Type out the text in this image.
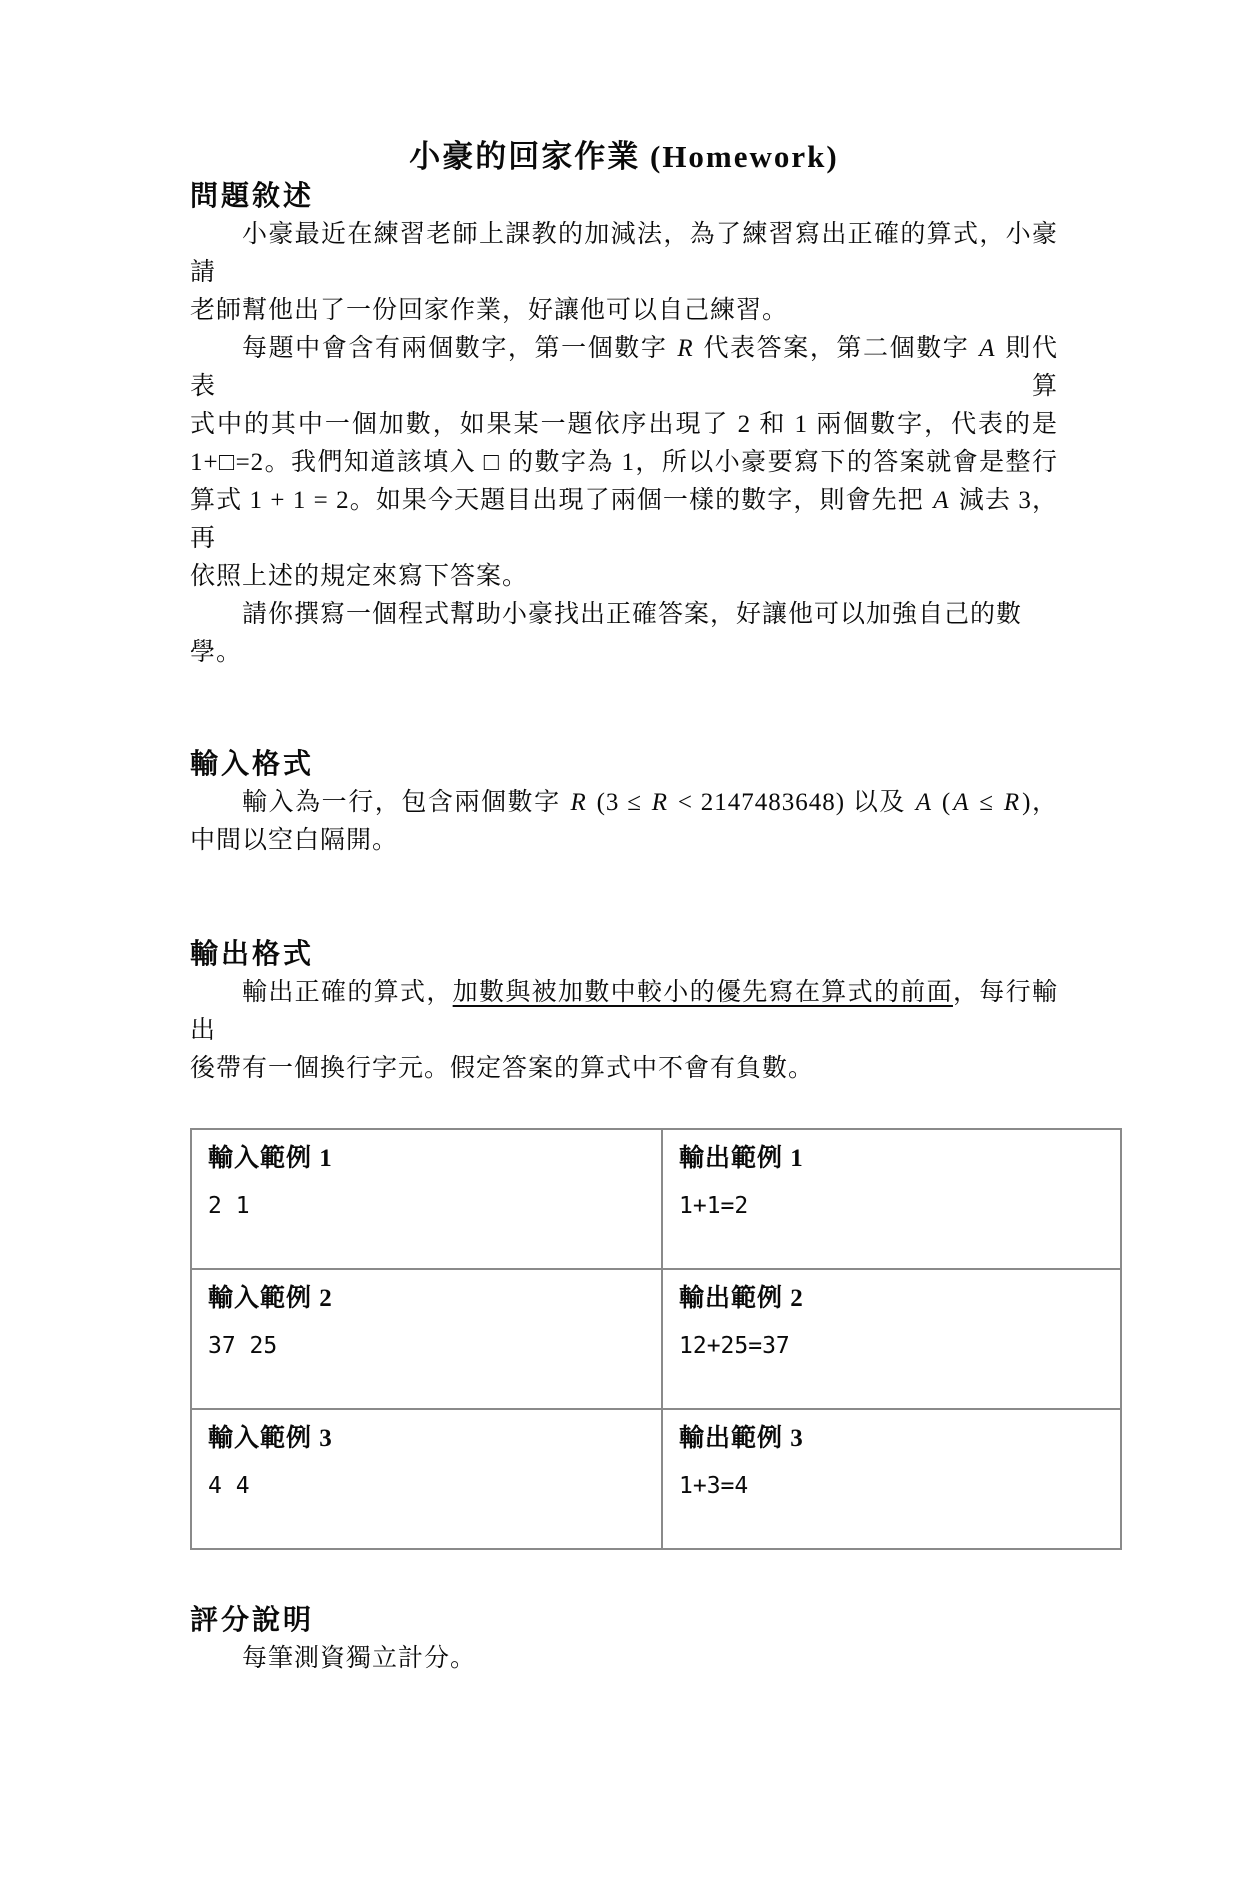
小豪的回家作業 (Homework)
問題敘述
小豪最近在練習老師上課教的加減法，為了練習寫出正確的算式，小豪請
老師幫他出了一份回家作業，好讓他可以自己練習。
每題中會含有兩個數字，第一個數字 R 代表答案，第二個數字 A 則代表算
式中的其中一個加數，如果某一題依序出現了 2 和 1 兩個數字，代表的是
1+□=2。我們知道該填入 □ 的數字為 1，所以小豪要寫下的答案就會是整行
算式 1 + 1 = 2。如果今天題目出現了兩個一樣的數字，則會先把 A 減去 3，再
依照上述的規定來寫下答案。
請你撰寫一個程式幫助小豪找出正確答案，好讓他可以加強自己的數學。
輸入格式
輸入為一行，包含兩個數字 R (3 ≤ R < 2147483648) 以及 A (A ≤ R)，
中間以空白隔開。
輸出格式
輸出正確的算式，加數與被加數中較小的優先寫在算式的前面，每行輸出
後帶有一個換行字元。假定答案的算式中不會有負數。
輸入範例 1
2 1

輸出範例 1
1+1=2

輸入範例 2
37 25

輸出範例 2
12+25=37

輸入範例 3
4 4

輸出範例 3
1+3=4
評分說明
每筆測資獨立計分。
